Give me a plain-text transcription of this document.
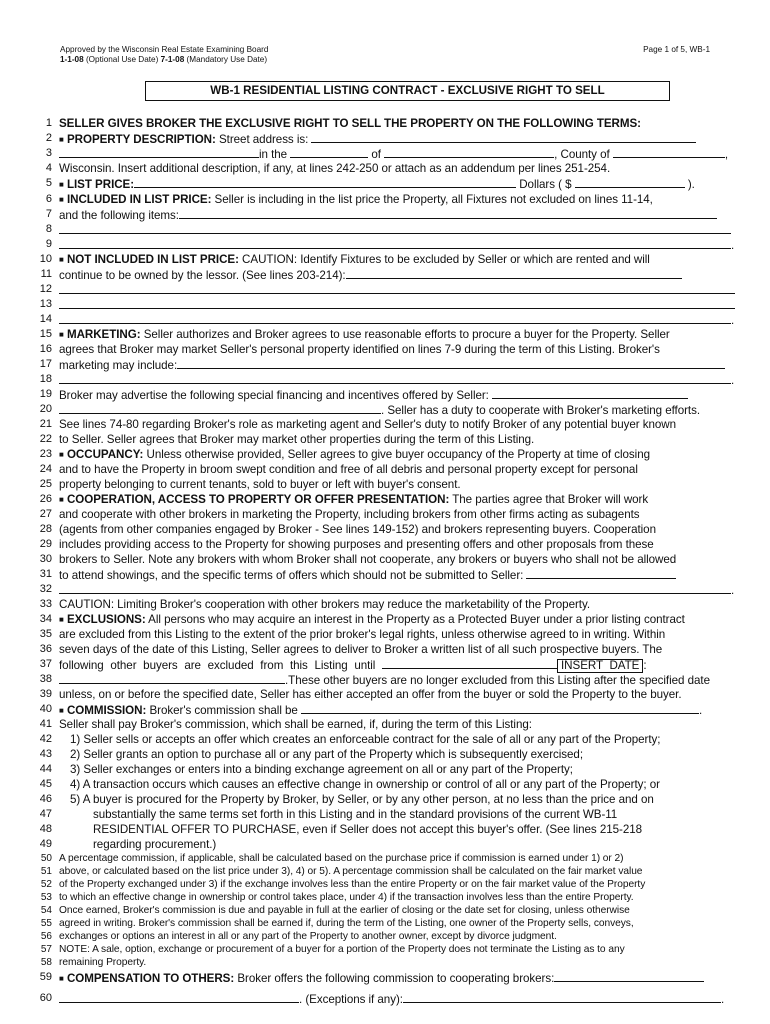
Approved by the Wisconsin Real Estate Examining Board
1-1-08 (Optional Use Date) 7-1-08 (Mandatory Use Date)
Page 1 of 5, WB-1
WB-1 RESIDENTIAL LISTING CONTRACT - EXCLUSIVE RIGHT TO SELL
1 SELLER GIVES BROKER THE EXCLUSIVE RIGHT TO SELL THE PROPERTY ON THE FOLLOWING TERMS:
2 ■ PROPERTY DESCRIPTION: Street address is:
3	in the	of	, County of	,
4 Wisconsin. Insert additional description, if any, at lines 242-250 or attach as an addendum per lines 251-254.
5 ■ LIST PRICE:	Dollars ( $	).
6 ■ INCLUDED IN LIST PRICE: Seller is including in the list price the Property, all Fixtures not excluded on lines 11-14,
7 and the following items:
8
9	.
10 ■ NOT INCLUDED IN LIST PRICE: CAUTION: Identify Fixtures to be excluded by Seller or which are rented and will
11 continue to be owned by the lessor. (See lines 203-214):
12
13
14	.
15 ■ MARKETING: Seller authorizes and Broker agrees to use reasonable efforts to procure a buyer for the Property. Seller
16 agrees that Broker may market Seller's personal property identified on lines 7-9 during the term of this Listing. Broker's
17 marketing may include:
18	.
19 Broker may advertise the following special financing and incentives offered by Seller:
20	. Seller has a duty to cooperate with Broker's marketing efforts.
21 See lines 74-80 regarding Broker's role as marketing agent and Seller's duty to notify Broker of any potential buyer known
22 to Seller. Seller agrees that Broker may market other properties during the term of this Listing.
23 ■ OCCUPANCY: Unless otherwise provided, Seller agrees to give buyer occupancy of the Property at time of closing
24 and to have the Property in broom swept condition and free of all debris and personal property except for personal
25 property belonging to current tenants, sold to buyer or left with buyer's consent.
26 ■ COOPERATION, ACCESS TO PROPERTY OR OFFER PRESENTATION: The parties agree that Broker will work
27 and cooperate with other brokers in marketing the Property, including brokers from other firms acting as subagents
28 (agents from other companies engaged by Broker - See lines 149-152) and brokers representing buyers. Cooperation
29 includes providing access to the Property for showing purposes and presenting offers and other proposals from these
30 brokers to Seller. Note any brokers with whom Broker shall not cooperate, any brokers or buyers who shall not be allowed
31 to attend showings, and the specific terms of offers which should not be submitted to Seller:
32	.
33 CAUTION: Limiting Broker's cooperation with other brokers may reduce the marketability of the Property.
34 ■ EXCLUSIONS: All persons who may acquire an interest in the Property as a Protected Buyer under a prior listing contract
35 are excluded from this Listing to the extent of the prior broker's legal rights, unless otherwise agreed to in writing. Within
36 seven days of the date of this Listing, Seller agrees to deliver to Broker a written list of all such prospective buyers. The
37 following other buyers are excluded from this Listing until	INSERT DATE :
38	.These other buyers are no longer excluded from this Listing after the specified date
39 unless, on or before the specified date, Seller has either accepted an offer from the buyer or sold the Property to the buyer.
40 ■ COMMISSION: Broker's commission shall be	.
41 Seller shall pay Broker's commission, which shall be earned, if, during the term of this Listing:
42 1) Seller sells or accepts an offer which creates an enforceable contract for the sale of all or any part of the Property;
43 2) Seller grants an option to purchase all or any part of the Property which is subsequently exercised;
44 3) Seller exchanges or enters into a binding exchange agreement on all or any part of the Property;
45 4) A transaction occurs which causes an effective change in ownership or control of all or any part of the Property; or
46 5) A buyer is procured for the Property by Broker, by Seller, or by any other person, at no less than the price and on
47	substantially the same terms set forth in this Listing and in the standard provisions of the current WB-11
48	RESIDENTIAL OFFER TO PURCHASE, even if Seller does not accept this buyer's offer. (See lines 215-218
49	regarding procurement.)
50 A percentage commission, if applicable, shall be calculated based on the purchase price if commission is earned under 1) or 2)
51 above, or calculated based on the list price under 3), 4) or 5). A percentage commission shall be calculated on the fair market value
52 of the Property exchanged under 3) if the exchange involves less than the entire Property or on the fair market value of the Property
53 to which an effective change in ownership or control takes place, under 4) if the transaction involves less than the entire Property.
54 Once earned, Broker's commission is due and payable in full at the earlier of closing or the date set for closing, unless otherwise
55 agreed in writing. Broker's commission shall be earned if, during the term of the Listing, one owner of the Property sells, conveys,
56 exchanges or options an interest in all or any part of the Property to another owner, except by divorce judgment.
57 NOTE: A sale, option, exchange or procurement of a buyer for a portion of the Property does not terminate the Listing as to any
58 remaining Property.
59 ■ COMPENSATION TO OTHERS: Broker offers the following commission to cooperating brokers:
60	. (Exceptions if any):	.
